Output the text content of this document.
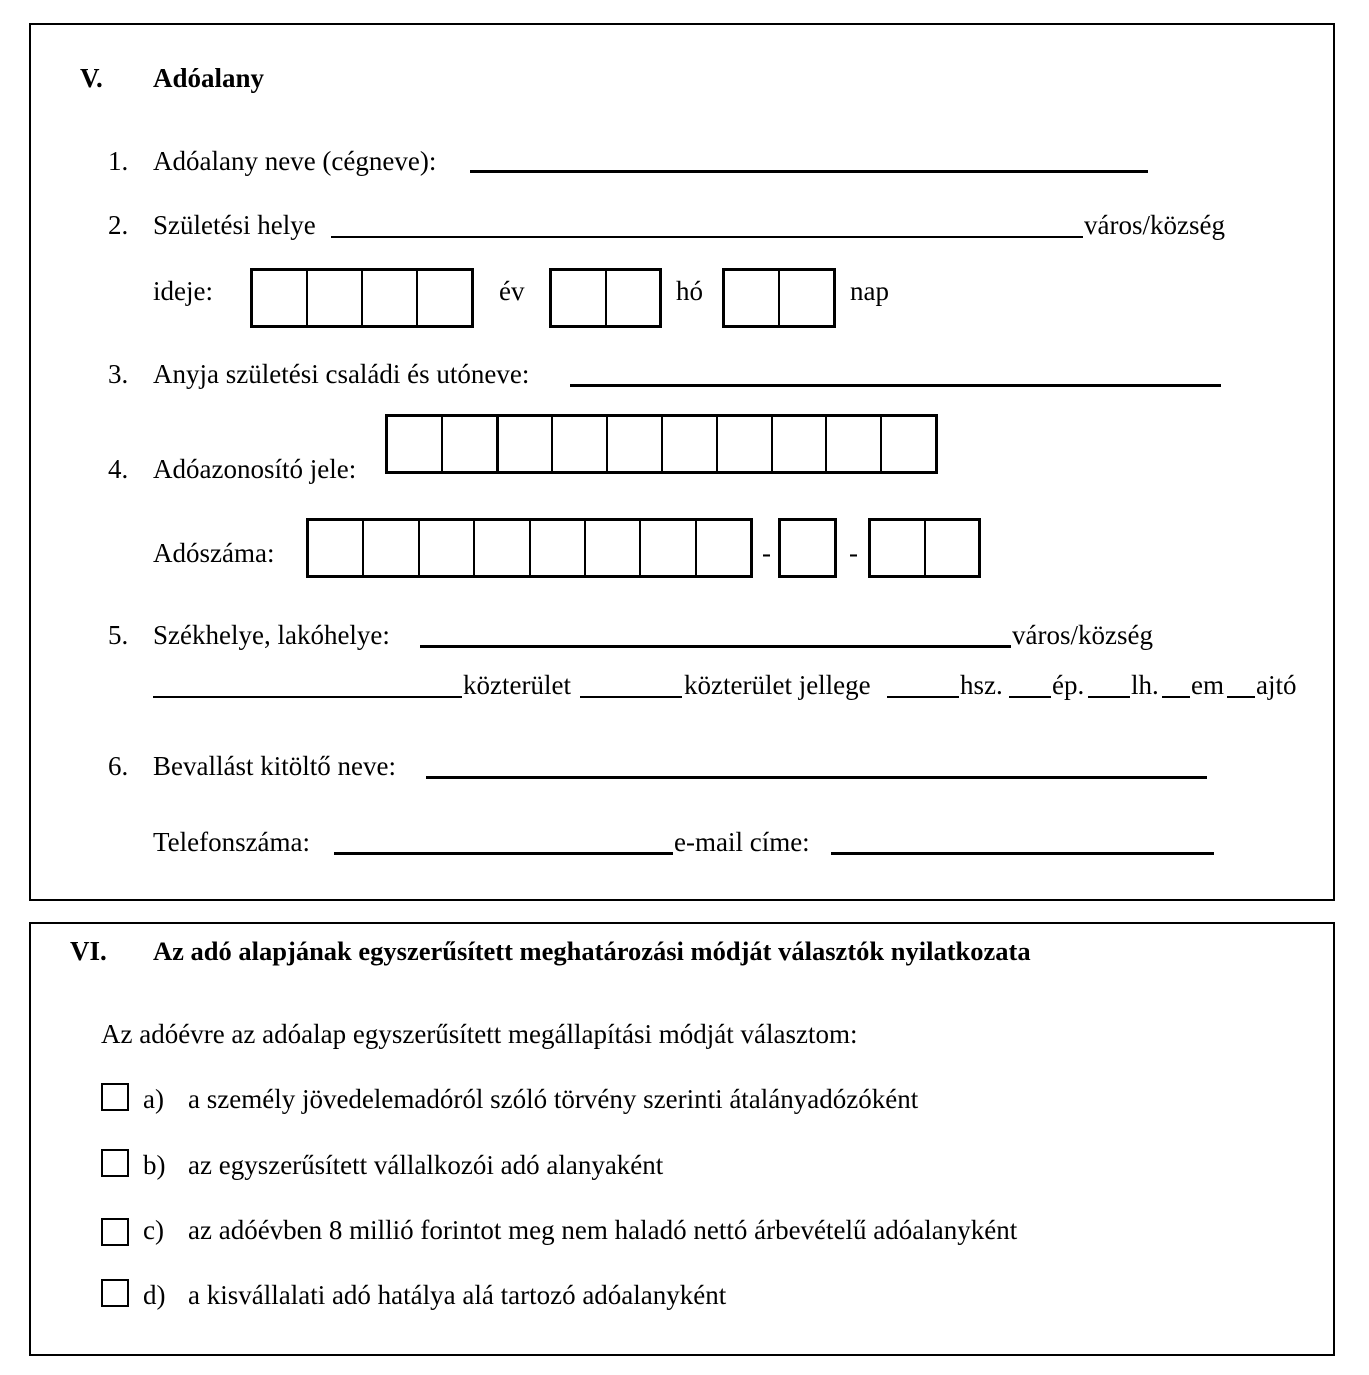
V. Adóalany
1. Adóalany neve (cégneve):
2. Születési helye	város/község
ideje:	év	hó	nap
3. Anyja születési családi és utóneve:
4. Adóazonosító jele:
Adószáma:	-	-
5. Székhelye, lakóhelye:	város/község
közterület	közterület jellege	hsz. ép. lh. em ajtó
6. Bevallást kitöltő neve:
Telefonszáma:	e-mail címe:
VI. Az adó alapjának egyszerűsített meghatározási módját választók nyilatkozata
Az adóévre az adóalap egyszerűsített megállapítási módját választom:
a) a személy jövedelemadóról szóló törvény szerinti átalányadózóként
b) az egyszerűsített vállalkozói adó alanyaként
c) az adóévben 8 millió forintot meg nem haladó nettó árbevételű adóalanyként
d) a kisvállalati adó hatálya alá tartozó adóalanyként
